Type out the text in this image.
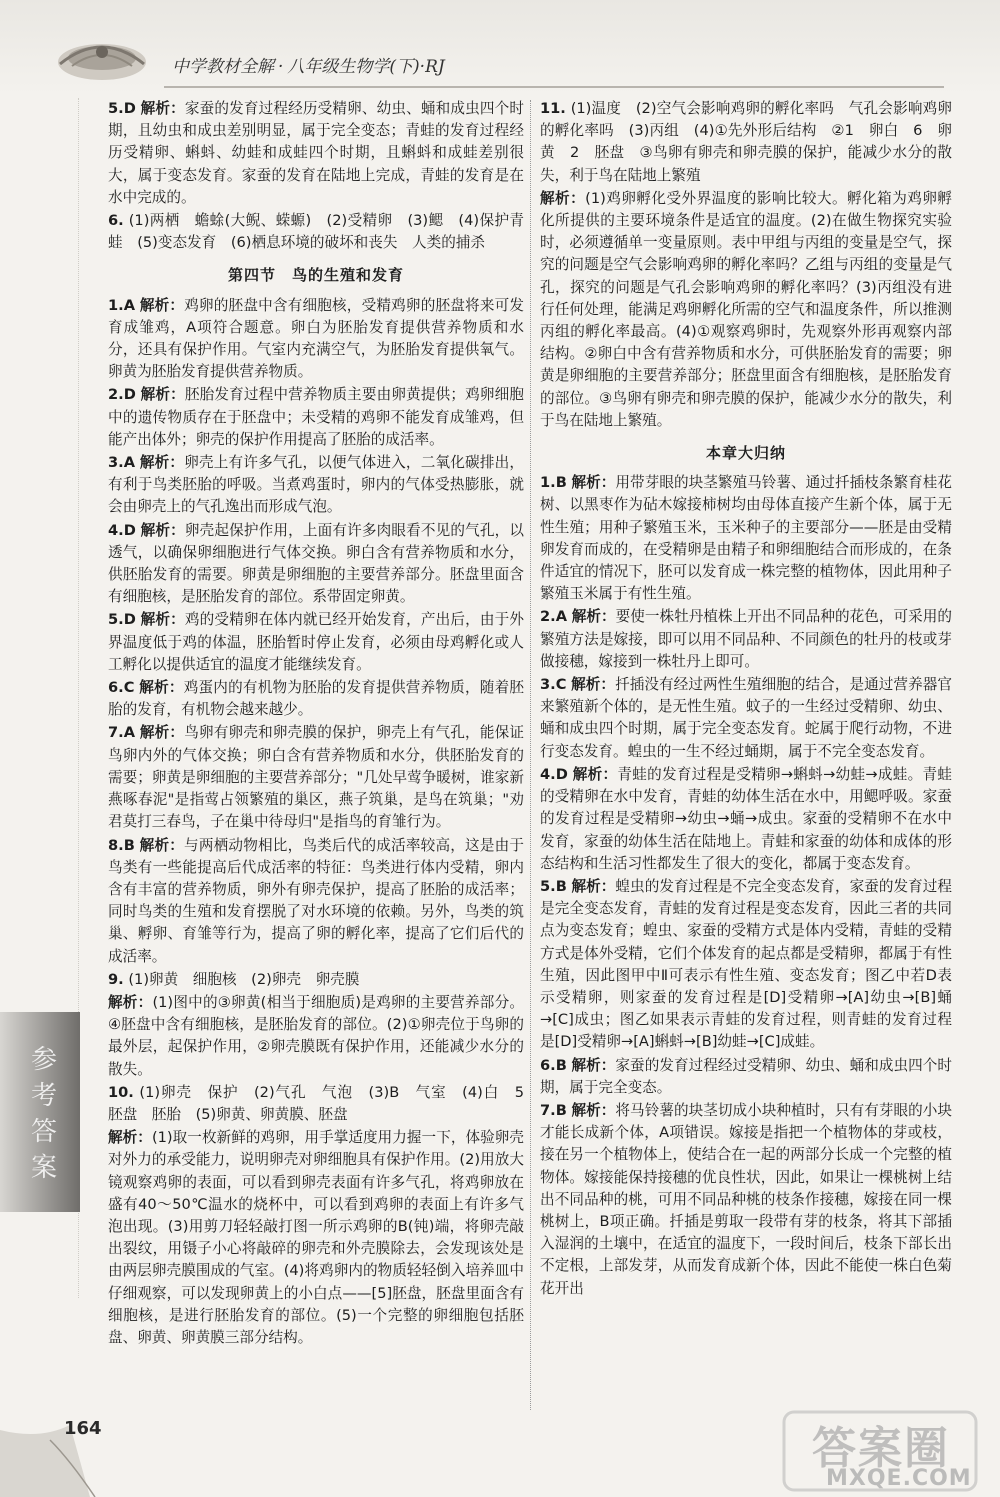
中学教材全解 · 八年级生物学(下)·RJ
5.D 解析：家蚕的发育过程经历受精卵、幼虫、蛹和成虫四个时期，且幼虫和成虫差别明显，属于完全变态；青蛙的发育过程经历受精卵、蝌蚪、幼蛙和成蛙四个时期，且蝌蚪和成蛙差别很大，属于变态发育。家蚕的发育在陆地上完成，青蛙的发育是在水中完成的。
6. (1)两栖　蟾蜍(大鲵、蝾螈)　(2)受精卵　(3)鳃　(4)保护青蛙　(5)变态发育　(6)栖息环境的破坏和丧失　人类的捕杀
第四节　鸟的生殖和发育
1.A 解析：鸡卵的胚盘中含有细胞核，受精鸡卵的胚盘将来可发育成雏鸡，A项符合题意。卵白为胚胎发育提供营养物质和水分，还具有保护作用。气室内充满空气，为胚胎发育提供氧气。卵黄为胚胎发育提供营养物质。
2.D 解析：胚胎发育过程中营养物质主要由卵黄提供；鸡卵细胞中的遗传物质存在于胚盘中；未受精的鸡卵不能发育成雏鸡，但能产出体外；卵壳的保护作用提高了胚胎的成活率。
3.A 解析：卵壳上有许多气孔，以便气体进入，二氧化碳排出，有利于鸟类胚胎的呼吸。当煮鸡蛋时，卵内的气体受热膨胀，就会由卵壳上的气孔逸出而形成气泡。
4.D 解析：卵壳起保护作用，上面有许多肉眼看不见的气孔，以透气，以确保卵细胞进行气体交换。卵白含有营养物质和水分，供胚胎发育的需要。卵黄是卵细胞的主要营养部分。胚盘里面含有细胞核，是胚胎发育的部位。系带固定卵黄。
5.D 解析：鸡的受精卵在体内就已经开始发育，产出后，由于外界温度低于鸡的体温，胚胎暂时停止发育，必须由母鸡孵化或人工孵化以提供适宜的温度才能继续发育。
6.C 解析：鸡蛋内的有机物为胚胎的发育提供营养物质，随着胚胎的发育，有机物会越来越少。
7.A 解析：鸟卵有卵壳和卵壳膜的保护，卵壳上有气孔，能保证鸟卵内外的气体交换；卵白含有营养物质和水分，供胚胎发育的需要；卵黄是卵细胞的主要营养部分；"几处早莺争暖树，谁家新燕啄春泥"是指莺占领繁殖的巢区，燕子筑巢，是鸟在筑巢；"劝君莫打三春鸟，子在巢中待母归"是指鸟的育雏行为。
8.B 解析：与两栖动物相比，鸟类后代的成活率较高，这是由于鸟类有一些能提高后代成活率的特征：鸟类进行体内受精，卵内含有丰富的营养物质，卵外有卵壳保护，提高了胚胎的成活率；同时鸟类的生殖和发育摆脱了对水环境的依赖。另外，鸟类的筑巢、孵卵、育雏等行为，提高了卵的孵化率，提高了它们后代的成活率。
9. (1)卵黄　细胞核　(2)卵壳　卵壳膜
解析：(1)图中的③卵黄(相当于细胞质)是鸡卵的主要营养部分。④胚盘中含有细胞核，是胚胎发育的部位。(2)①卵壳位于鸟卵的最外层，起保护作用，②卵壳膜既有保护作用，还能减少水分的散失。
10. (1)卵壳　保护　(2)气孔　气泡　(3)B　气室　(4)白　5　胚盘　胚胎　(5)卵黄、卵黄膜、胚盘
解析：(1)取一枚新鲜的鸡卵，用手掌适度用力握一下，体验卵壳对外力的承受能力，说明卵壳对卵细胞具有保护作用。(2)用放大镜观察鸡卵的表面，可以看到卵壳表面有许多气孔，将鸡卵放在盛有40～50℃温水的烧杯中，可以看到鸡卵的表面上有许多气泡出现。(3)用剪刀轻轻敲打图一所示鸡卵的B(钝)端，将卵壳敲出裂纹，用镊子小心将敲碎的卵壳和外壳膜除去，会发现该处是由两层卵壳膜围成的气室。(4)将鸡卵内的物质轻轻倒入培养皿中仔细观察，可以发现卵黄上的小白点——[5]胚盘，胚盘里面含有细胞核，是进行胚胎发育的部位。(5)一个完整的卵细胞包括胚盘、卵黄、卵黄膜三部分结构。
11. (1)温度　(2)空气会影响鸡卵的孵化率吗　气孔会影响鸡卵的孵化率吗　(3)丙组　(4)①先外形后结构　②1　卵白　6　卵黄　2　胚盘　③鸟卵有卵壳和卵壳膜的保护，能减少水分的散失，利于鸟在陆地上繁殖
解析：(1)鸡卵孵化受外界温度的影响比较大。孵化箱为鸡卵孵化所提供的主要环境条件是适宜的温度。(2)在做生物探究实验时，必须遵循单一变量原则。表中甲组与丙组的变量是空气，探究的问题是空气会影响鸡卵的孵化率吗？乙组与丙组的变量是气孔，探究的问题是气孔会影响鸡卵的孵化率吗？(3)丙组没有进行任何处理，能满足鸡卵孵化所需的空气和温度条件，所以推测丙组的孵化率最高。(4)①观察鸡卵时，先观察外形再观察内部结构。②卵白中含有营养物质和水分，可供胚胎发育的需要；卵黄是卵细胞的主要营养部分；胚盘里面含有细胞核，是胚胎发育的部位。③鸟卵有卵壳和卵壳膜的保护，能减少水分的散失，利于鸟在陆地上繁殖。
本章大归纳
1.B 解析：用带芽眼的块茎繁殖马铃薯、通过扦插枝条繁育桂花树、以黑枣作为砧木嫁接柿树均由母体直接产生新个体，属于无性生殖；用种子繁殖玉米，玉米种子的主要部分——胚是由受精卵发育而成的，在受精卵是由精子和卵细胞结合而形成的，在条件适宜的情况下，胚可以发育成一株完整的植物体，因此用种子繁殖玉米属于有性生殖。
2.A 解析：要使一株牡丹植株上开出不同品种的花色，可采用的繁殖方法是嫁接，即可以用不同品种、不同颜色的牡丹的枝或芽做接穗，嫁接到一株牡丹上即可。
3.C 解析：扦插没有经过两性生殖细胞的结合，是通过营养器官来繁殖新个体的，是无性生殖。蚊子的一生经过受精卵、幼虫、蛹和成虫四个时期，属于完全变态发育。蛇属于爬行动物，不进行变态发育。蝗虫的一生不经过蛹期，属于不完全变态发育。
4.D 解析：青蛙的发育过程是受精卵→蝌蚪→幼蛙→成蛙。青蛙的受精卵在水中发育，青蛙的幼体生活在水中，用鳃呼吸。家蚕的发育过程是受精卵→幼虫→蛹→成虫。家蚕的受精卵不在水中发育，家蚕的幼体生活在陆地上。青蛙和家蚕的幼体和成体的形态结构和生活习性都发生了很大的变化，都属于变态发育。
5.B 解析：蝗虫的发育过程是不完全变态发育，家蚕的发育过程是完全变态发育，青蛙的发育过程是变态发育，因此三者的共同点为变态发育；蝗虫、家蚕的受精方式是体内受精，青蛙的受精方式是体外受精，它们个体发育的起点都是受精卵，都属于有性生殖，因此图甲中Ⅱ可表示有性生殖、变态发育；图乙中若D表示受精卵，则家蚕的发育过程是[D]受精卵→[A]幼虫→[B]蛹→[C]成虫；图乙如果表示青蛙的发育过程，则青蛙的发育过程是[D]受精卵→[A]蝌蚪→[B]幼蛙→[C]成蛙。
6.B 解析：家蚕的发育过程经过受精卵、幼虫、蛹和成虫四个时期，属于完全变态。
7.B 解析：将马铃薯的块茎切成小块种植时，只有有芽眼的小块才能长成新个体，A项错误。嫁接是指把一个植物体的芽或枝，接在另一个植物体上，使结合在一起的两部分长成一个完整的植物体。嫁接能保持接穗的优良性状，因此，如果让一棵桃树上结出不同品种的桃，可用不同品种桃的枝条作接穗，嫁接在同一棵桃树上，B项正确。扦插是剪取一段带有芽的枝条，将其下部插入湿润的土壤中，在适宜的温度下，一段时间后，枝条下部长出不定根，上部发芽，从而发育成新个体，因此不能使一株白色菊花开出
参考答案
164	答案圈
MXQE.COM
